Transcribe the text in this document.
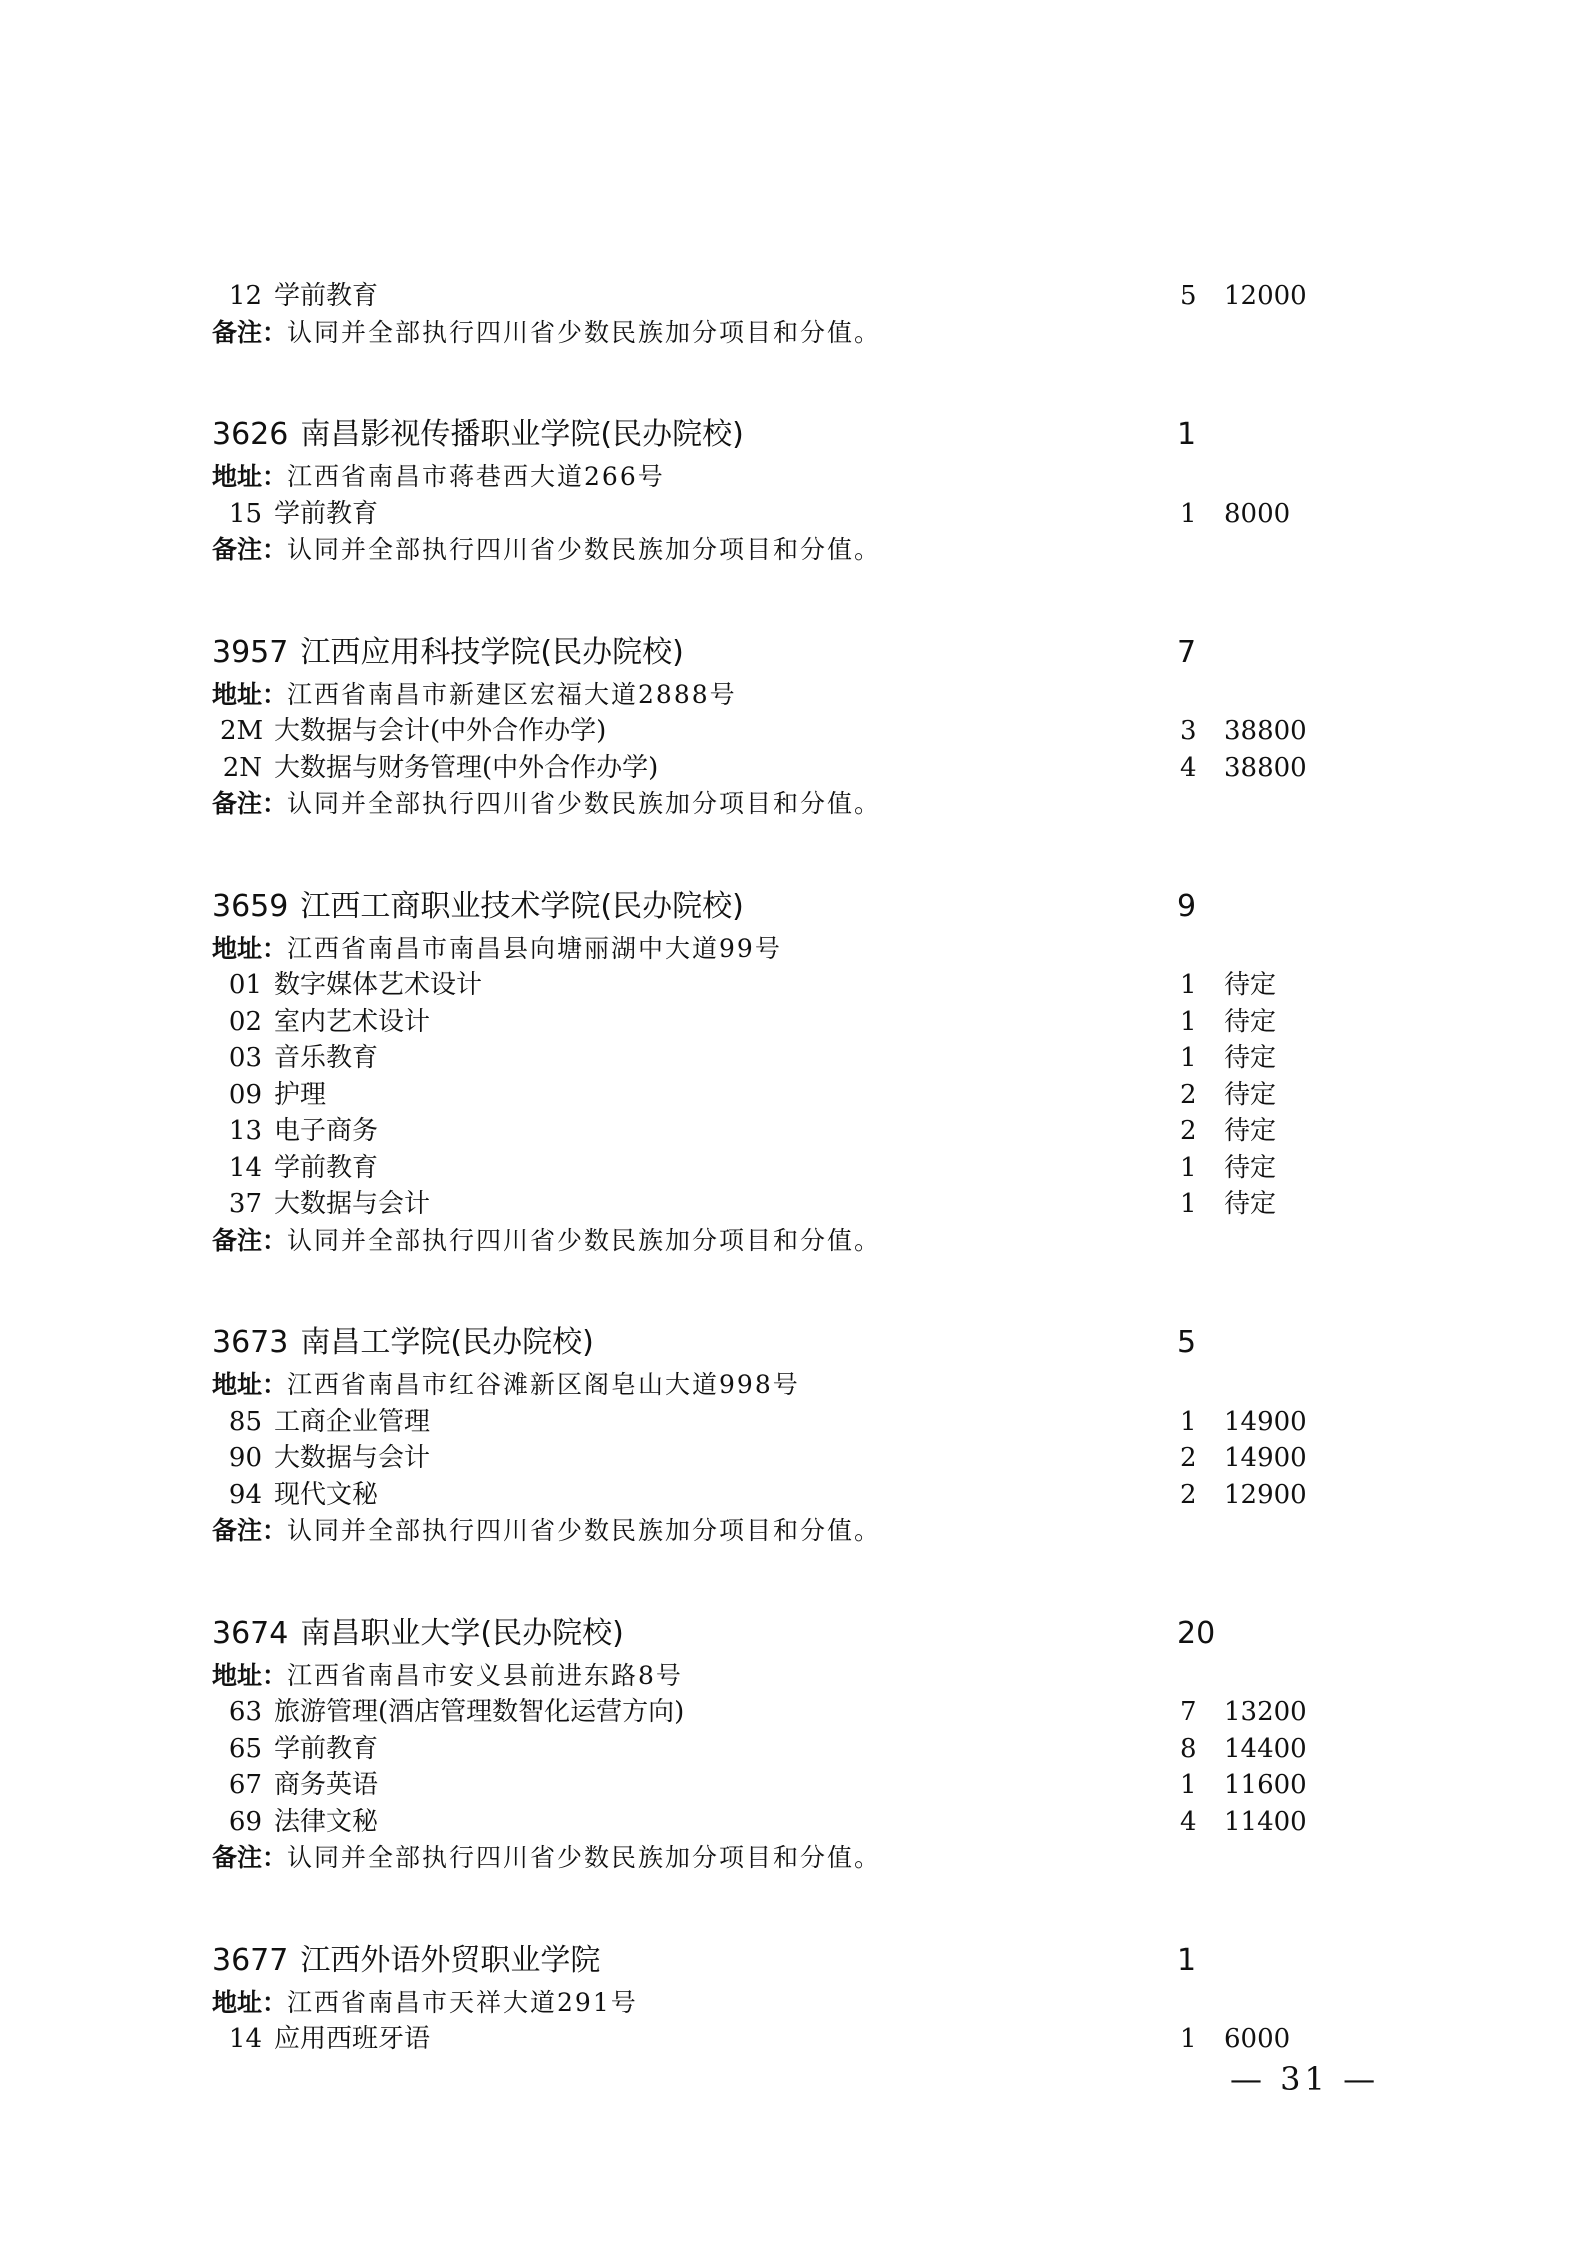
12 学前教育	5 12000
备注：认同并全部执行四川省少数民族加分项目和分值。
3626 南昌影视传播职业学院(民办院校)	1
地址：江西省南昌市蒋巷西大道266号
15 学前教育	1 8000
备注：认同并全部执行四川省少数民族加分项目和分值。
3957 江西应用科技学院(民办院校)	7
地址：江西省南昌市新建区宏福大道2888号
2M 大数据与会计(中外合作办学)	3 38800
2N 大数据与财务管理(中外合作办学)	4 38800
备注：认同并全部执行四川省少数民族加分项目和分值。
3659 江西工商职业技术学院(民办院校)	9
地址：江西省南昌市南昌县向塘丽湖中大道99号
01 数字媒体艺术设计	1 待定
02 室内艺术设计	1 待定
03 音乐教育	1 待定
09 护理	2 待定
13 电子商务	2 待定
14 学前教育	1 待定
37 大数据与会计	1 待定
备注：认同并全部执行四川省少数民族加分项目和分值。
3673 南昌工学院(民办院校)	5
地址：江西省南昌市红谷滩新区阁皂山大道998号
85 工商企业管理	1 14900
90 大数据与会计	2 14900
94 现代文秘	2 12900
备注：认同并全部执行四川省少数民族加分项目和分值。
3674 南昌职业大学(民办院校)	20
地址：江西省南昌市安义县前进东路8号
63 旅游管理(酒店管理数智化运营方向)	7 13200
65 学前教育	8 14400
67 商务英语	1 11600
69 法律文秘	4 11400
备注：认同并全部执行四川省少数民族加分项目和分值。
3677 江西外语外贸职业学院	1
地址：江西省南昌市天祥大道291号
14 应用西班牙语	1 6000
— 31 —
